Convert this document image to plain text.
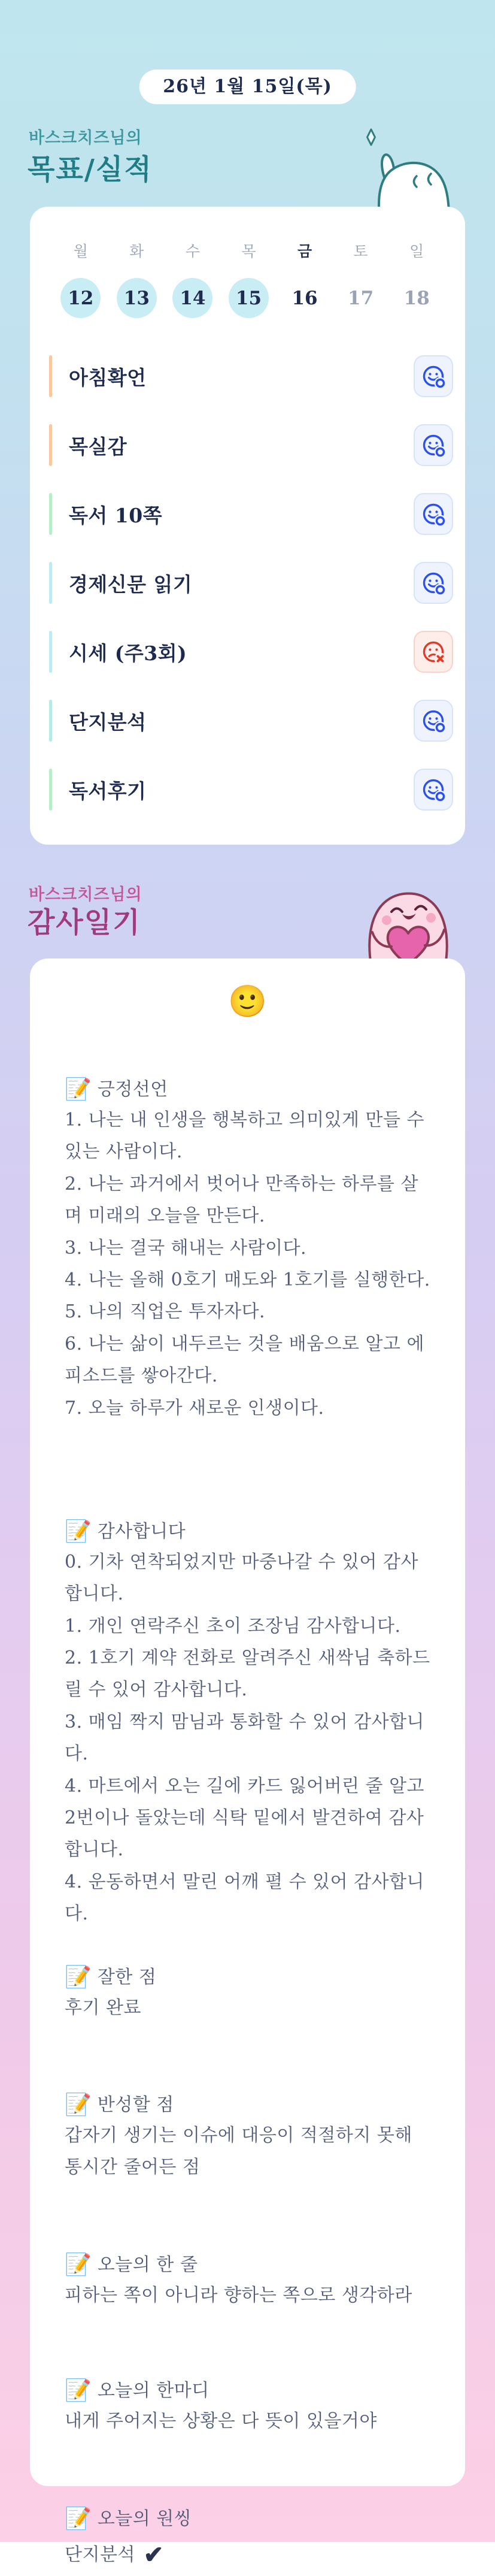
26년 1월 15일(목)
바스크치즈님의
목표/실적
월	화	수	목	금	토	일
12	13	14	15	16	17	18
아침확언
목실감
독서 10쪽
경제신문 읽기
시세 (주3회)
단지분석
독서후기
바스크치즈님의
감사일기
🙂
📝 긍정선언

1. 나는 내 인생을 행복하고 의미있게 만들 수 있는 사람이다.

2. 나는 과거에서 벗어나 만족하는 하루를 살며 미래의 오늘을 만든다.

3. 나는 결국 해내는 사람이다.

4. 나는 올해 0호기 매도와 1호기를 실행한다.

5. 나의 직업은 투자자다.

6. 나는 삶이 내두르는 것을 배움으로 알고 에피소드를 쌓아간다.

7. 오늘 하루가 새로운 인생이다.

📝 감사합니다

0. 기차 연착되었지만 마중나갈 수 있어 감사합니다.

1. 개인 연락주신 초이 조장님 감사합니다.

2. 1호기 계약 전화로 알려주신 새싹님 축하드릴 수 있어 감사합니다.

3. 매임 짝지 맘님과 통화할 수 있어 감사합니다.

4. 마트에서 오는 길에 카드 잃어버린 줄 알고 2번이나 돌았는데 식탁 밑에서 발견하여 감사합니다.

4. 운동하면서 말린 어깨 펼 수 있어 감사합니다.

📝 잘한 점

후기 완료

📝 반성할 점

갑자기 생기는 이슈에 대응이 적절하지 못해 통시간 줄어든 점

📝 오늘의 한 줄

피하는 쪽이 아니라 향하는 쪽으로 생각하라

📝 오늘의 한마디

내게 주어지는 상황은 다 뜻이 있을거야

📝 오늘의 원씽

단지분석 ✔
